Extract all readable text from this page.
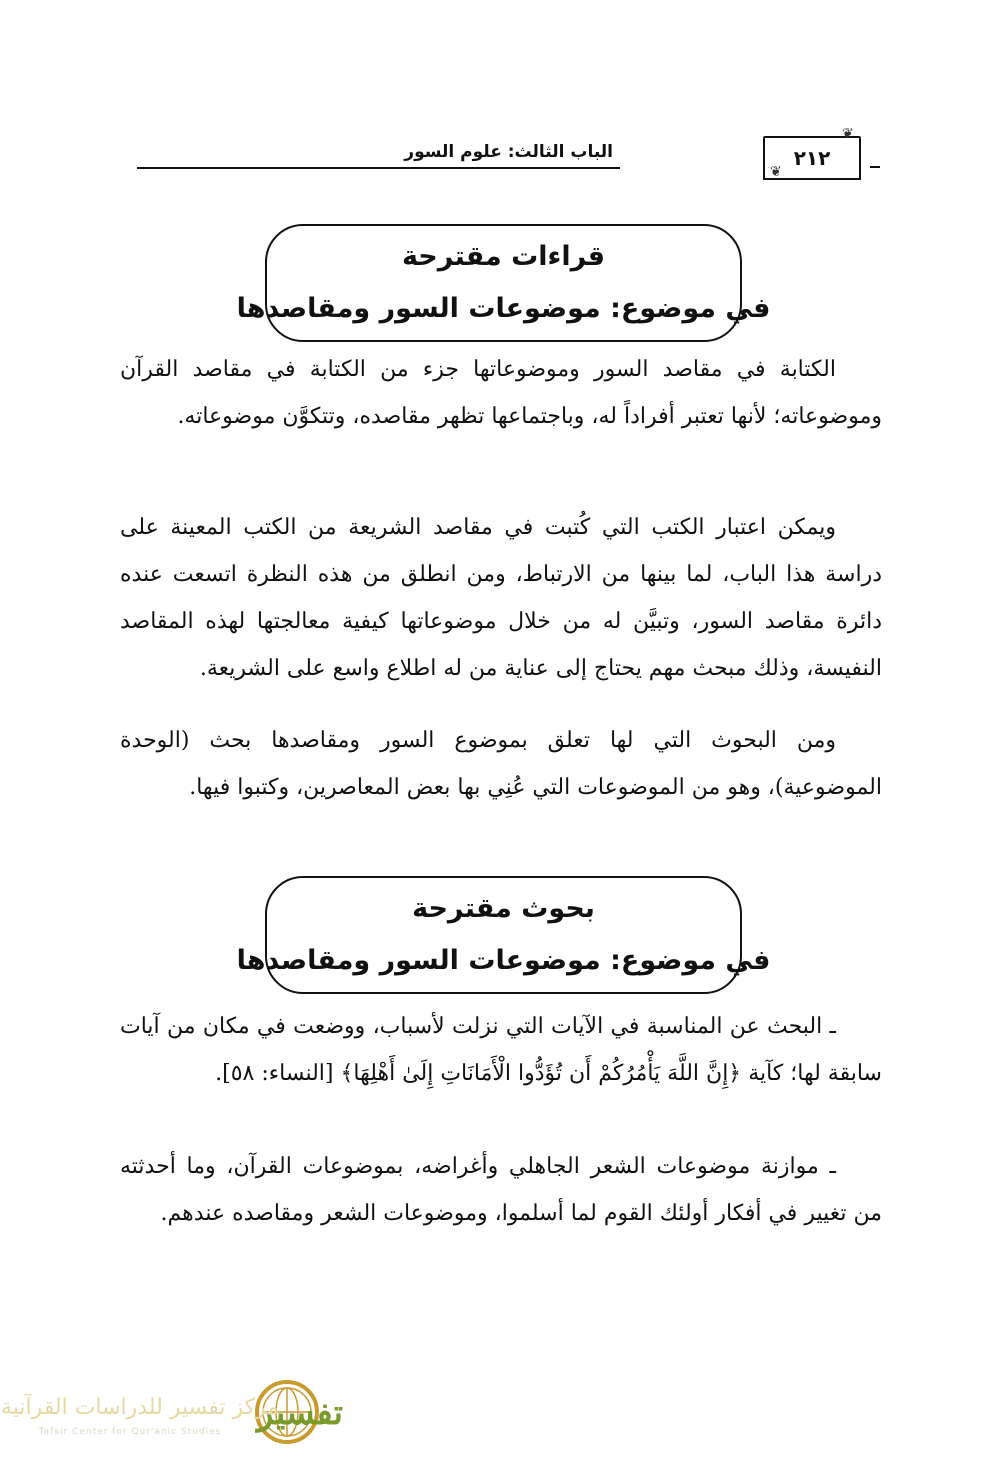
الباب الثالث: علوم السور	٢١٢
❦
❦
قراءات مقترحة
في موضوع: موضوعات السور ومقاصدها

الكتابة في مقاصد السور وموضوعاتها جزء من الكتابة في مقاصد القرآن وموضوعاته؛ لأنها تعتبر أفراداً له، وباجتماعها تظهر مقاصده، وتتكوَّن موضوعاته.

ويمكن اعتبار الكتب التي كُتبت في مقاصد الشريعة من الكتب المعينة على دراسة هذا الباب، لما بينها من الارتباط، ومن انطلق من هذه النظرة اتسعت عنده دائرة مقاصد السور، وتبيَّن له من خلال موضوعاتها كيفية معالجتها لهذه المقاصد النفيسة، وذلك مبحث مهم يحتاج إلى عناية من له اطلاع واسع على الشريعة.

ومن البحوث التي لها تعلق بموضوع السور ومقاصدها بحث (الوحدة الموضوعية)، وهو من الموضوعات التي عُنِي بها بعض المعاصرين، وكتبوا فيها.

بحوث مقترحة
في موضوع: موضوعات السور ومقاصدها

ـ البحث عن المناسبة في الآيات التي نزلت لأسباب، ووضعت في مكان من آيات سابقة لها؛ كآية ﴿إِنَّ اللَّهَ يَأْمُرُكُمْ أَن تُؤَدُّوا الْأَمَانَاتِ إِلَىٰ أَهْلِهَا﴾ [النساء: ٥٨].

ـ موازنة موضوعات الشعر الجاهلي وأغراضه، بموضوعات القرآن، وما أحدثته من تغيير في أفكار أولئك القوم لما أسلموا، وموضوعات الشعر ومقاصده عندهم.

تفسير
مركز تفسير للدراسات القرآنية
Tafsir Center for Qur'anic Studies
